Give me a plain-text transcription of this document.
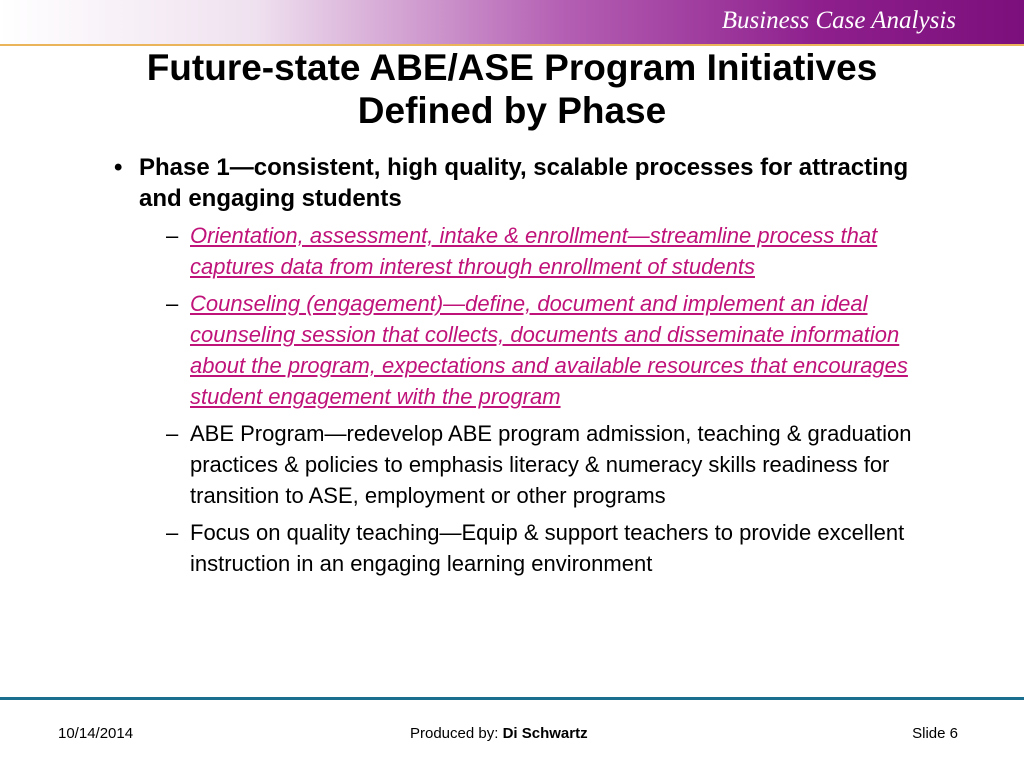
Business Case Analysis
Future-state ABE/ASE Program Initiatives
Defined by Phase
• Phase 1—consistent, high quality, scalable processes for attracting and engaging students
– Orientation, assessment, intake & enrollment—streamline process that captures data from interest through enrollment of students
– Counseling (engagement)—define, document and implement an ideal counseling session that collects, documents and disseminate information about the program, expectations and available resources that encourages student engagement with the program
– ABE Program—redevelop ABE program admission, teaching & graduation practices & policies to emphasis literacy & numeracy skills readiness for transition to ASE, employment or other programs
– Focus on quality teaching—Equip & support teachers to provide excellent instruction in an engaging learning environment
10/14/2014	Produced by: Di Schwartz	Slide 6
